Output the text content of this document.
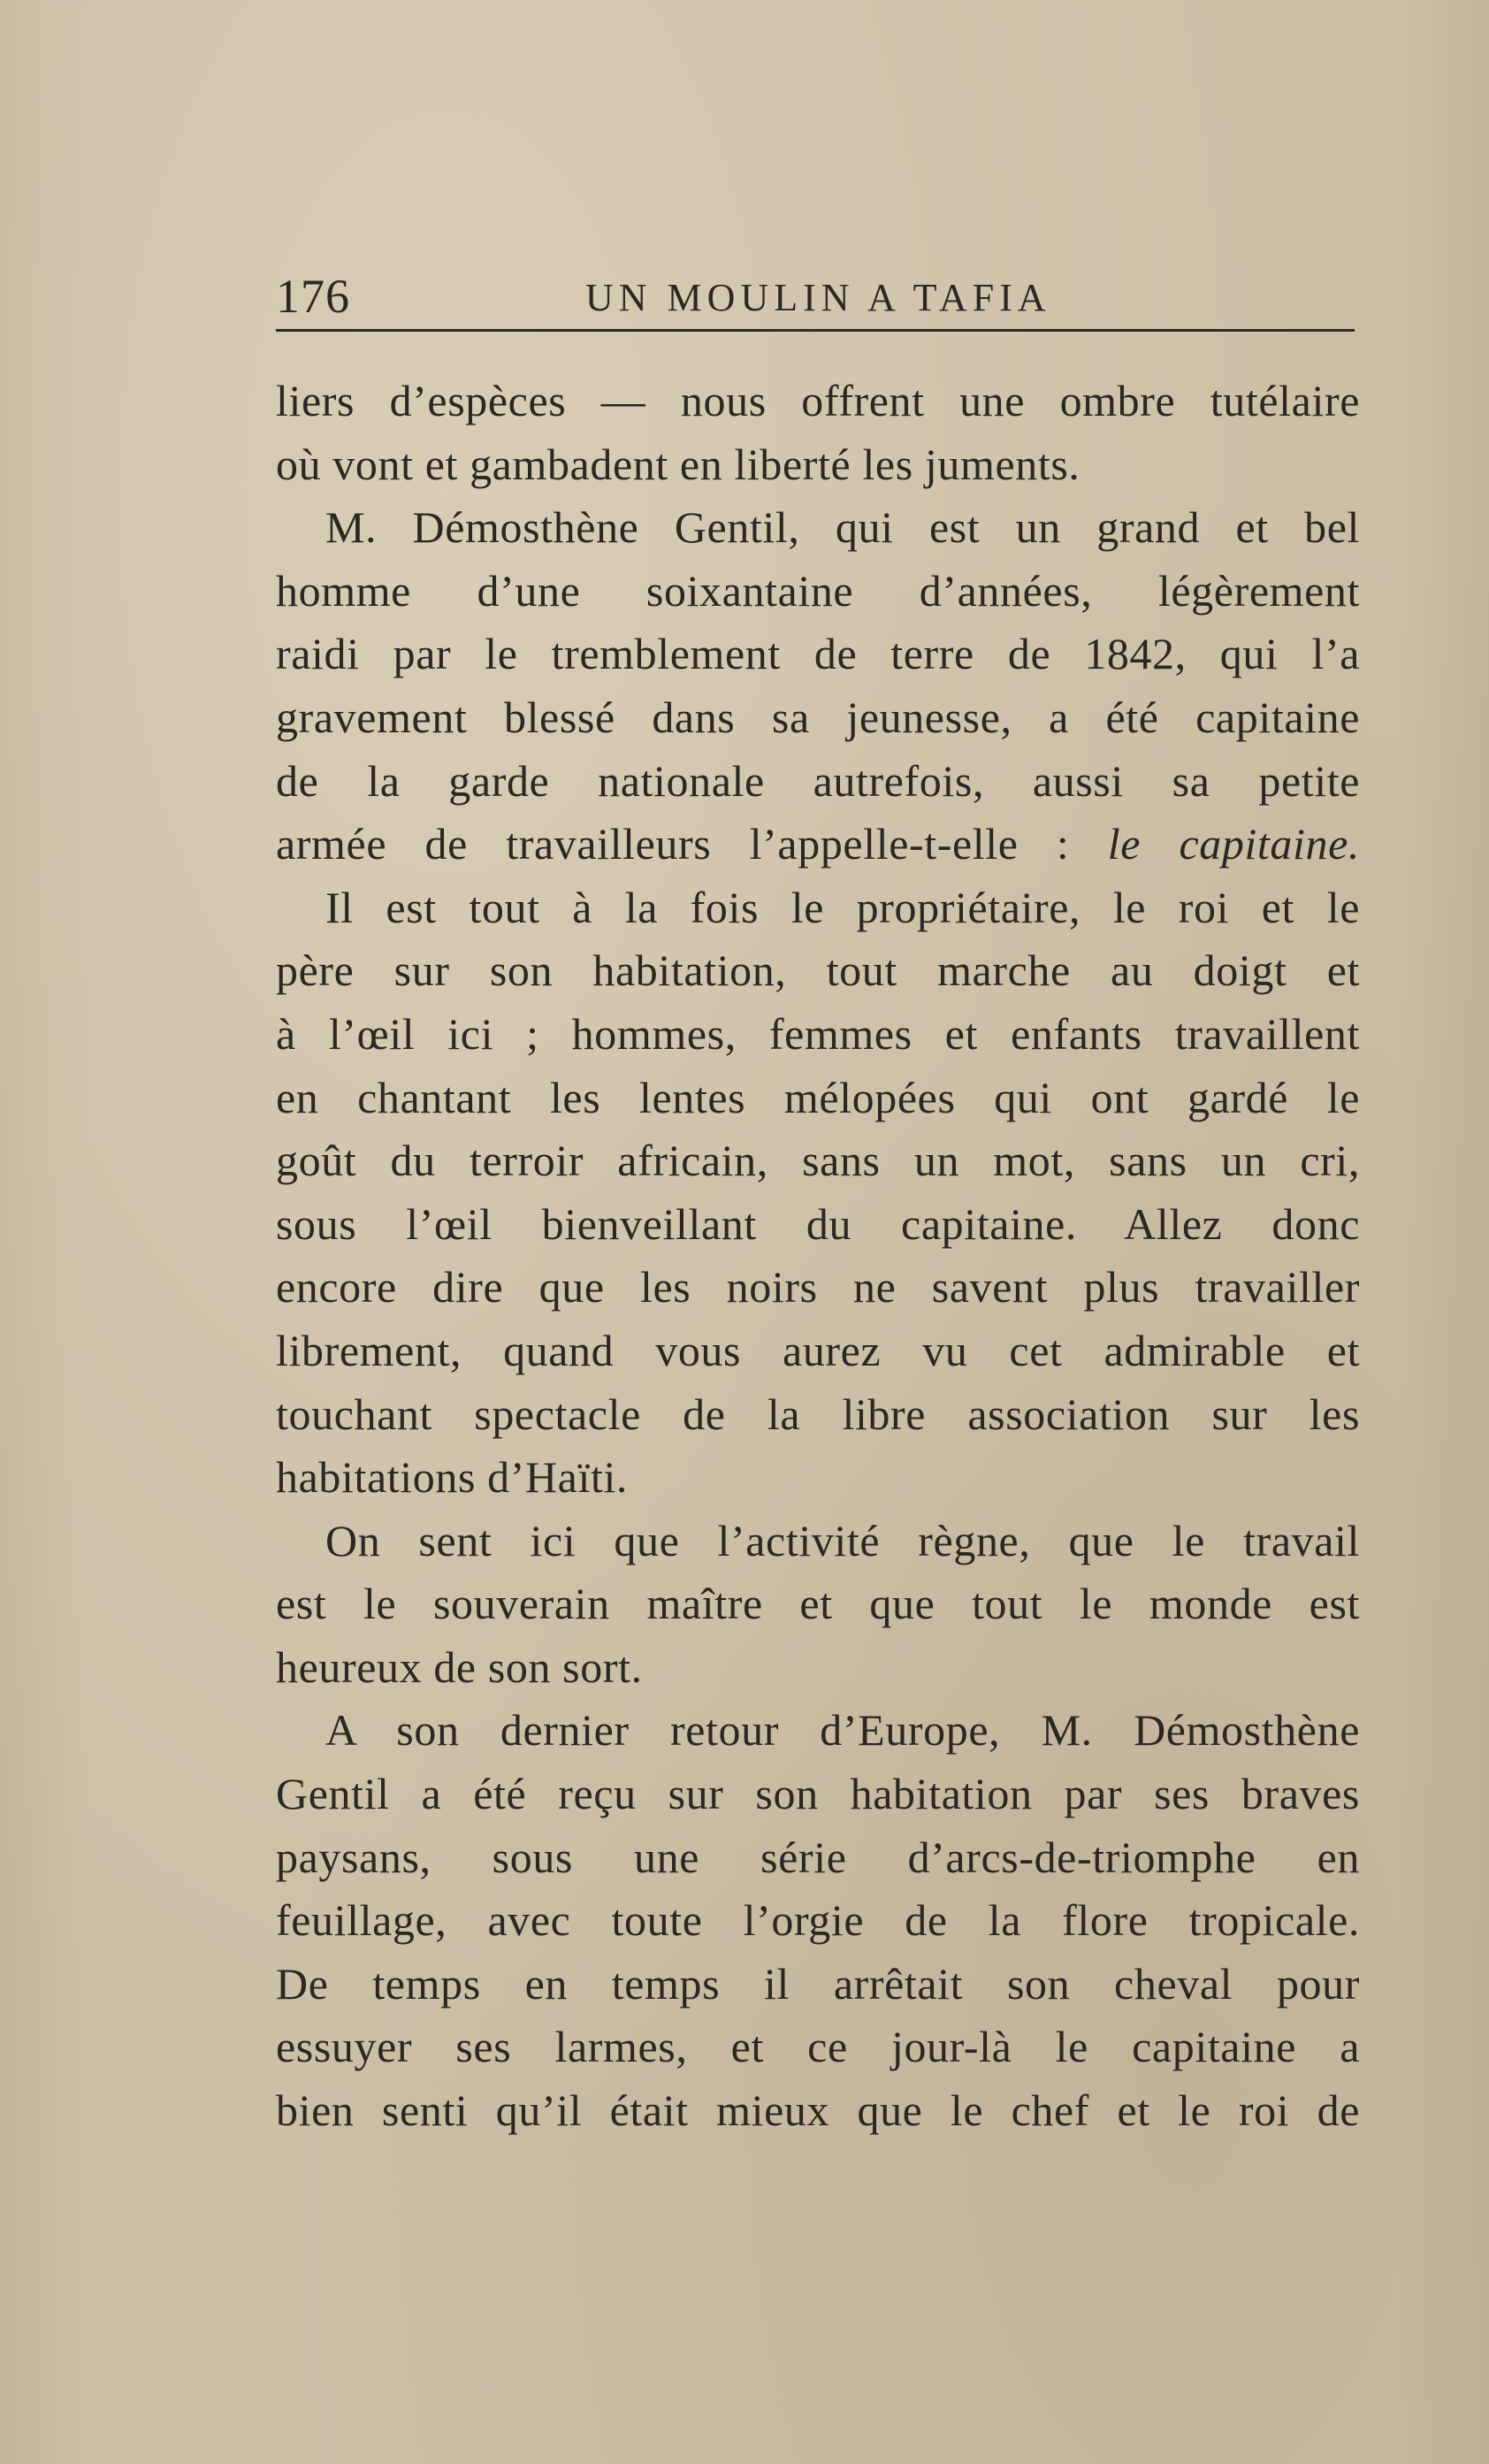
176	UN MOULIN A TAFIA
liers d’espèces — nous offrent une ombre tutélaire
où vont et gambadent en liberté les juments.
M. Démosthène Gentil, qui est un grand et bel
homme d’une soixantaine d’années, légèrement
raidi par le tremblement de terre de 1842, qui l’a
gravement blessé dans sa jeunesse, a été capitaine
de la garde nationale autrefois, aussi sa petite
armée de travailleurs l’appelle-t-elle : le capitaine.
Il est tout à la fois le propriétaire, le roi et le
père sur son habitation, tout marche au doigt et
à l’œil ici ; hommes, femmes et enfants travaillent
en chantant les lentes mélopées qui ont gardé le
goût du terroir africain, sans un mot, sans un cri,
sous l’œil bienveillant du capitaine. Allez donc
encore dire que les noirs ne savent plus travailler
librement, quand vous aurez vu cet admirable et
touchant spectacle de la libre association sur les
habitations d’Haïti.
On sent ici que l’activité règne, que le travail
est le souverain maître et que tout le monde est
heureux de son sort.
A son dernier retour d’Europe, M. Démosthène
Gentil a été reçu sur son habitation par ses braves
paysans, sous une série d’arcs-de-triomphe en
feuillage, avec toute l’orgie de la flore tropicale.
De temps en temps il arrêtait son cheval pour
essuyer ses larmes, et ce jour-là le capitaine a
bien senti qu’il était mieux que le chef et le roi de
